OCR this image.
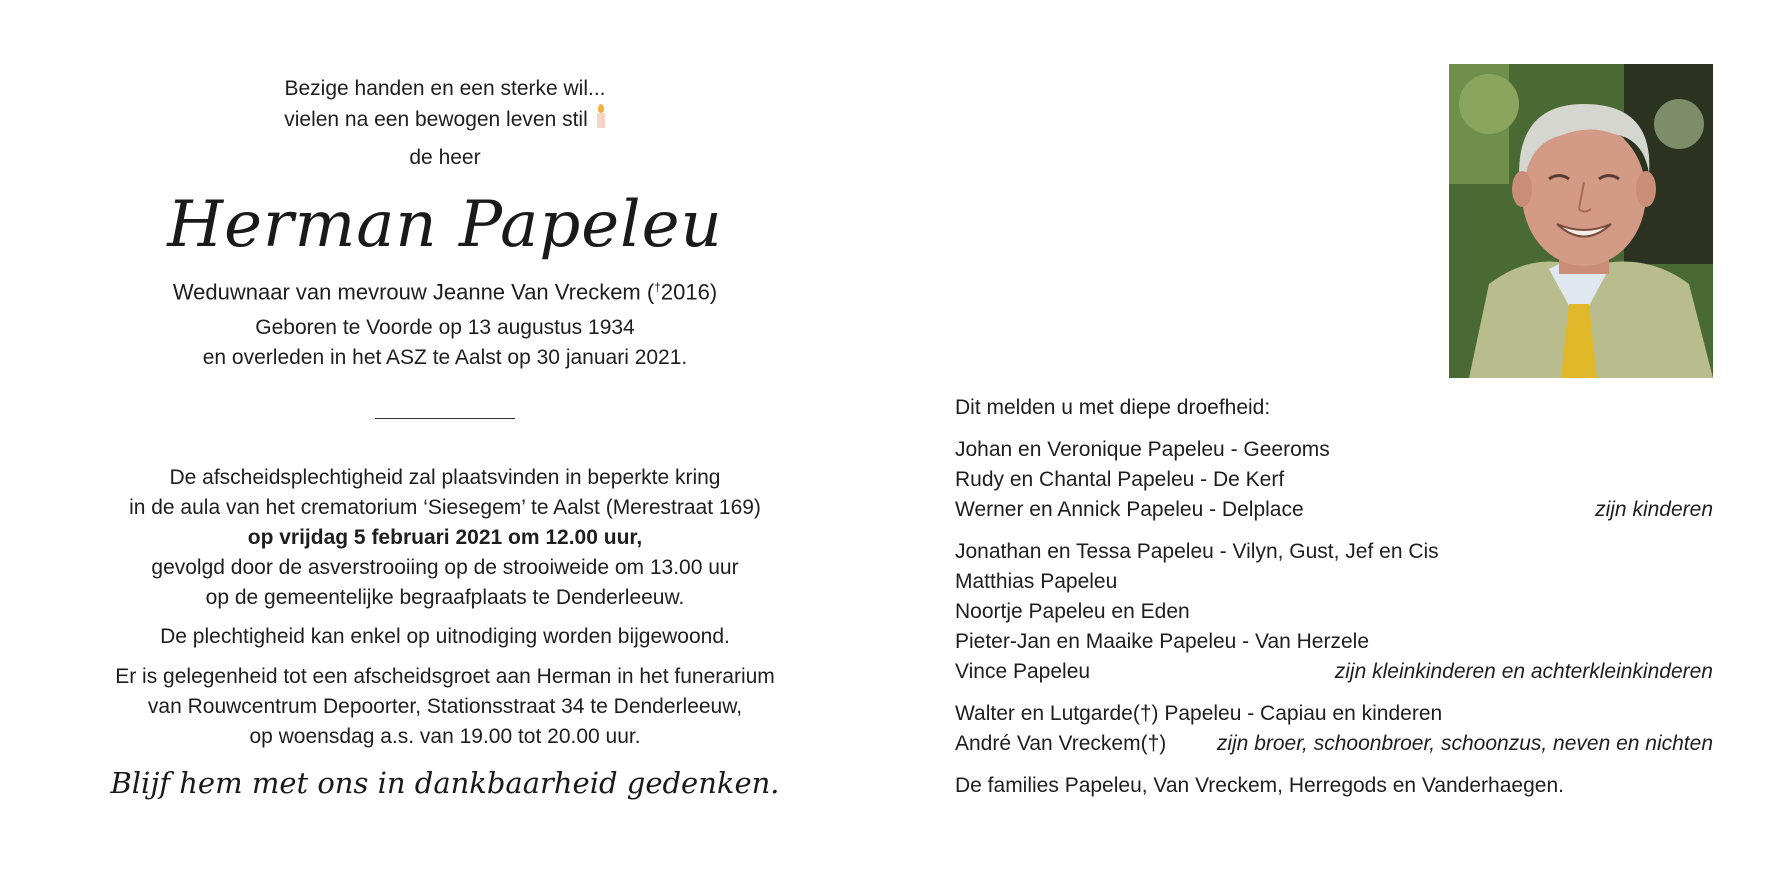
Bezige handen en een sterke wil...
vielen na een bewogen leven stil
de heer
Herman Papeleu
Weduwnaar van mevrouw Jeanne Van Vreckem (†2016)
Geboren te Voorde op 13 augustus 1934
en overleden in het ASZ te Aalst op 30 januari 2021.
De afscheidsplechtigheid zal plaatsvinden in beperkte kring
in de aula van het crematorium ‘Siesegem’ te Aalst (Merestraat 169)
op vrijdag 5 februari 2021 om 12.00 uur,
gevolgd door de asverstrooiing op de strooiweide om 13.00 uur
op de gemeentelijke begraafplaats te Denderleeuw.
De plechtigheid kan enkel op uitnodiging worden bijgewoond.
Er is gelegenheid tot een afscheidsgroet aan Herman in het funerarium
van Rouwcentrum Depoorter, Stationsstraat 34 te Denderleeuw,
op woensdag a.s. van 19.00 tot 20.00 uur.
Blijf hem met ons in dankbaarheid gedenken.
Dit melden u met diepe droefheid:
Johan en Veronique Papeleu - Geeroms
Rudy en Chantal Papeleu - De Kerf
Werner en Annick Papeleu - Delplace	zijn kinderen
Jonathan en Tessa Papeleu - Vilyn, Gust, Jef en Cis
Matthias Papeleu
Noortje Papeleu en Eden
Pieter-Jan en Maaike Papeleu - Van Herzele
Vince Papeleu	zijn kleinkinderen en achterkleinkinderen
Walter en Lutgarde(†) Papeleu - Capiau en kinderen
André Van Vreckem(†) zijn broer, schoonbroer, schoonzus, neven en nichten
De families Papeleu, Van Vreckem, Herregods en Vanderhaegen.
